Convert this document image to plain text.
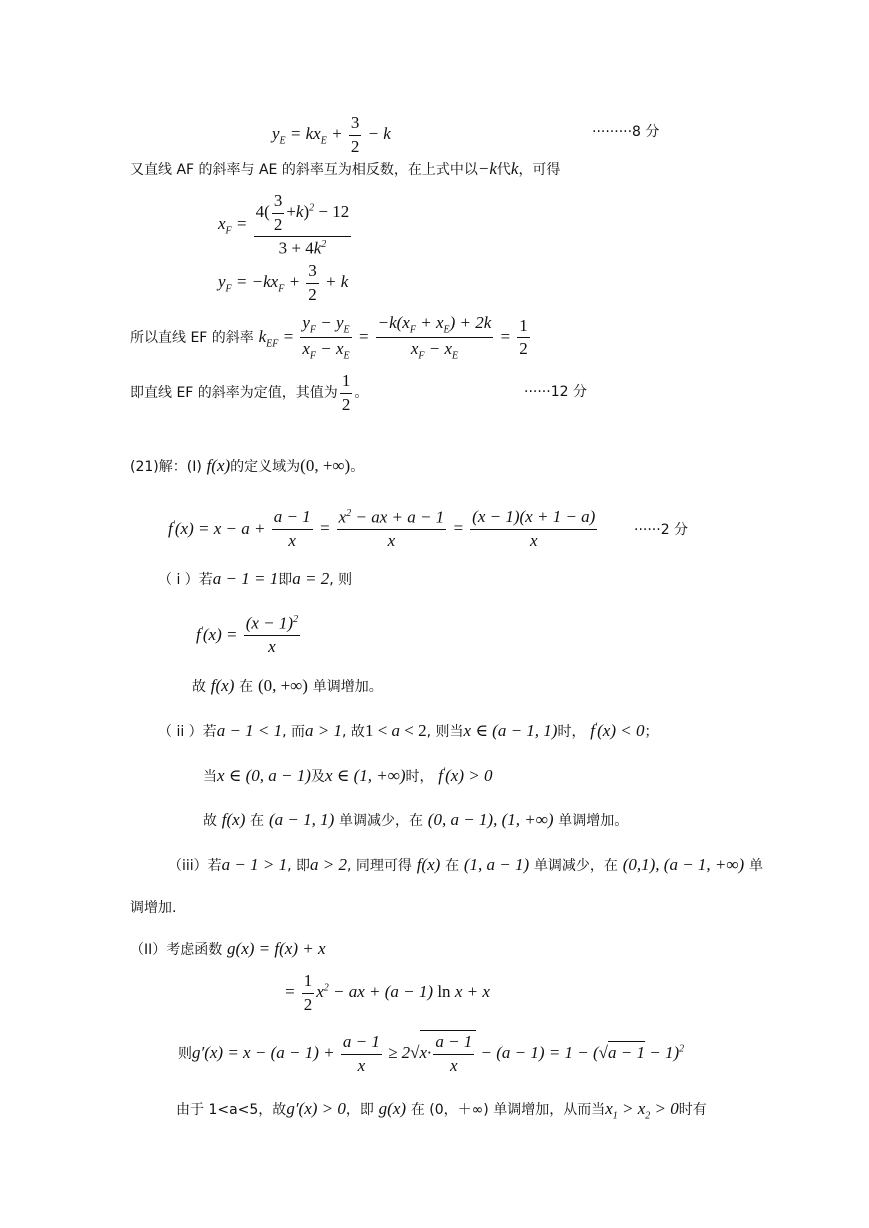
$y_E = kx_E + \frac{3}{2} - k$	·········8 分
又直线 AF 的斜率与 AE 的斜率互为相反数，在上式中以−k代k，可得
$x_F = \frac{4( \frac{3}{2} +k)^2 - 12}{3 + 4k^2}$
$y_F = -kx_F + \frac{3}{2} + k$
所以直线 EF 的斜率 $k_{EF} = \frac{y_F - y_E}{x_F - x_E} = \frac{-k(x_F + x_E) + 2k}{x_F - x_E} = \frac{1}{2}$
即直线 EF 的斜率为定值，其值为 $\frac{1}{2}$ 。	······12 分
(21)解：(I) f(x)的定义域为(0, +∞)。
$f'(x) = x - a + \frac{a - 1}{x} = \frac{x^2 - ax + a - 1}{x} = \frac{(x - 1)(x + 1 - a)}{x}$	······2 分
（ i ）若a − 1 = 1即a = 2, 则
$f'(x) = \frac{(x - 1)^2}{x}$
故 f(x) 在 (0, +∞) 单调增加。
（ ii ）若a − 1 < 1, 而a > 1, 故1 < a < 2, 则当x ∈ (a − 1, 1)时， f'(x) < 0；
当x ∈ (0, a − 1)及x ∈ (1, +∞)时， f'(x) > 0
故 f(x) 在 (a − 1, 1) 单调减少，在 (0, a − 1), (1, +∞) 单调增加。
（iii）若a − 1 > 1, 即a > 2, 同理可得 f(x) 在 (1, a − 1) 单调减少，在 (0,1), (a − 1, +∞) 单
调增加.
（II）考虑函数 g(x) = f(x) + x
= $\frac{1}{2} x^2$ − ax + (a − 1) ln x + x
则$g'(x) = x - (a - 1) + \frac{a - 1}{x} \ge 2√x\cdot \frac{a - 1}{x} - (a - 1) = 1 - (√a - 1 - 1)^2$
由于 1<a<5，故g′(x) > 0，即 g(x) 在 (0，＋∞) 单调增加，从而当$x_1 > x_2 > 0$时有
